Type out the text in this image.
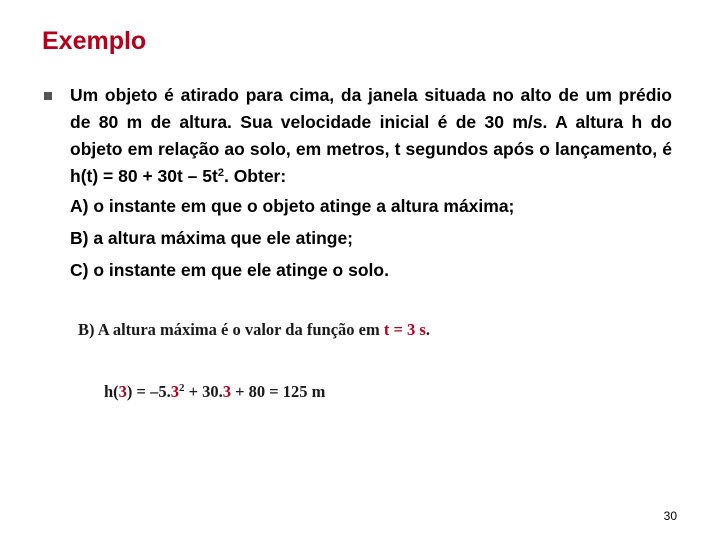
Exemplo
Um objeto é atirado para cima, da janela situada no alto de um prédio de 80 m de altura. Sua velocidade inicial é de 30 m/s. A altura h do objeto em relação ao solo, em metros, t segundos após o lançamento, é $h(t) = 80 + 30t - 5t^2$. Obter:
A) o instante em que o objeto atinge a altura máxima;
B) a altura máxima que ele atinge;
C) o instante em que ele atinge o solo.
B) A altura máxima é o valor da função em t = 3 s.
$h(3) = -5.3^2 + 30.3 + 80 = 125$ m
30
